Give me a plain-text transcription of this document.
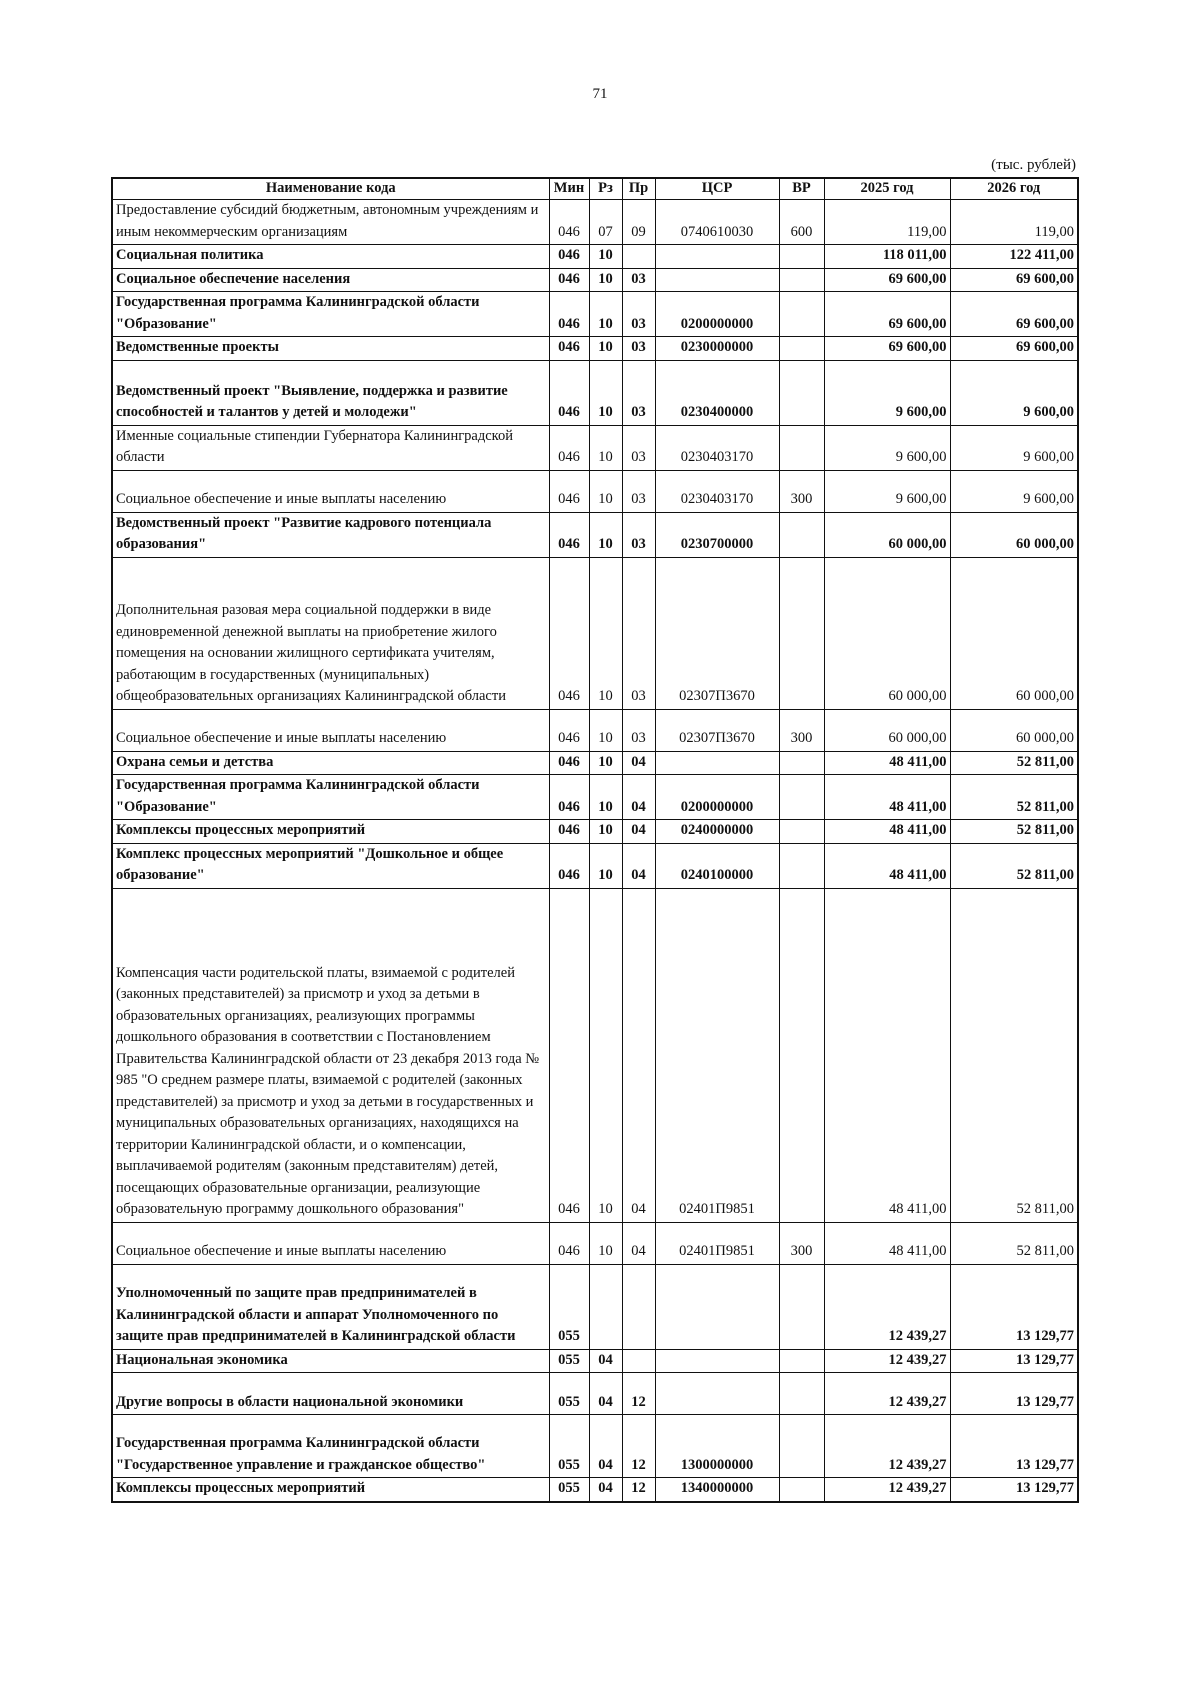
71
(тыс. рублей)
Наименование кода	Мин	Рз	Пр	ЦСР	ВР	2025 год	2026 год
Предоставление субсидий бюджетным, автономным учреждениям и иным некоммерческим организациям	046	07	09	0740610030	600	119,00	119,00
Социальная политика	046	10				118 011,00	122 411,00
Социальное обеспечение населения	046	10	03			69 600,00	69 600,00
Государственная программа Калининградской области "Образование"	046	10	03	0200000000		69 600,00	69 600,00
Ведомственные проекты	046	10	03	0230000000		69 600,00	69 600,00
Ведомственный проект "Выявление, поддержка и развитие способностей и талантов у детей и молодежи"	046	10	03	0230400000		9 600,00	9 600,00
Именные социальные стипендии Губернатора Калининградской области	046	10	03	0230403170		9 600,00	9 600,00
Социальное обеспечение и иные выплаты населению	046	10	03	0230403170	300	9 600,00	9 600,00
Ведомственный проект "Развитие кадрового потенциала образования"	046	10	03	0230700000		60 000,00	60 000,00
Дополнительная разовая мера социальной поддержки в виде единовременной денежной выплаты на приобретение жилого помещения на основании жилищного сертификата учителям, работающим в государственных (муниципальных) общеобразовательных организациях Калининградской области	046	10	03	02307П3670		60 000,00	60 000,00
Социальное обеспечение и иные выплаты населению	046	10	03	02307П3670	300	60 000,00	60 000,00
Охрана семьи и детства	046	10	04			48 411,00	52 811,00
Государственная программа Калининградской области "Образование"	046	10	04	0200000000		48 411,00	52 811,00
Комплексы процессных мероприятий	046	10	04	0240000000		48 411,00	52 811,00
Комплекс процессных мероприятий "Дошкольное и общее образование"	046	10	04	0240100000		48 411,00	52 811,00
Компенсация части родительской платы, взимаемой с родителей (законных представителей) за присмотр и уход за детьми в образовательных организациях, реализующих программы дошкольного образования в соответствии с Постановлением Правительства Калининградской области от 23 декабря 2013 года № 985 "О среднем размере платы, взимаемой с родителей (законных представителей) за присмотр и уход за детьми в государственных и муниципальных образовательных организациях, находящихся на территории Калининградской области, и о компенсации, выплачиваемой родителям (законным представителям) детей, посещающих образовательные организации, реализующие образовательную программу дошкольного образования"	046	10	04	02401П9851		48 411,00	52 811,00
Социальное обеспечение и иные выплаты населению	046	10	04	02401П9851	300	48 411,00	52 811,00
Уполномоченный по защите прав предпринимателей в Калининградской области и аппарат Уполномоченного по защите прав предпринимателей в Калининградской области	055					12 439,27	13 129,77
Национальная экономика	055	04				12 439,27	13 129,77
Другие вопросы в области национальной экономики	055	04	12			12 439,27	13 129,77
Государственная программа Калининградской области "Государственное управление и гражданское общество"	055	04	12	1300000000		12 439,27	13 129,77
Комплексы процессных мероприятий	055	04	12	1340000000		12 439,27	13 129,77
